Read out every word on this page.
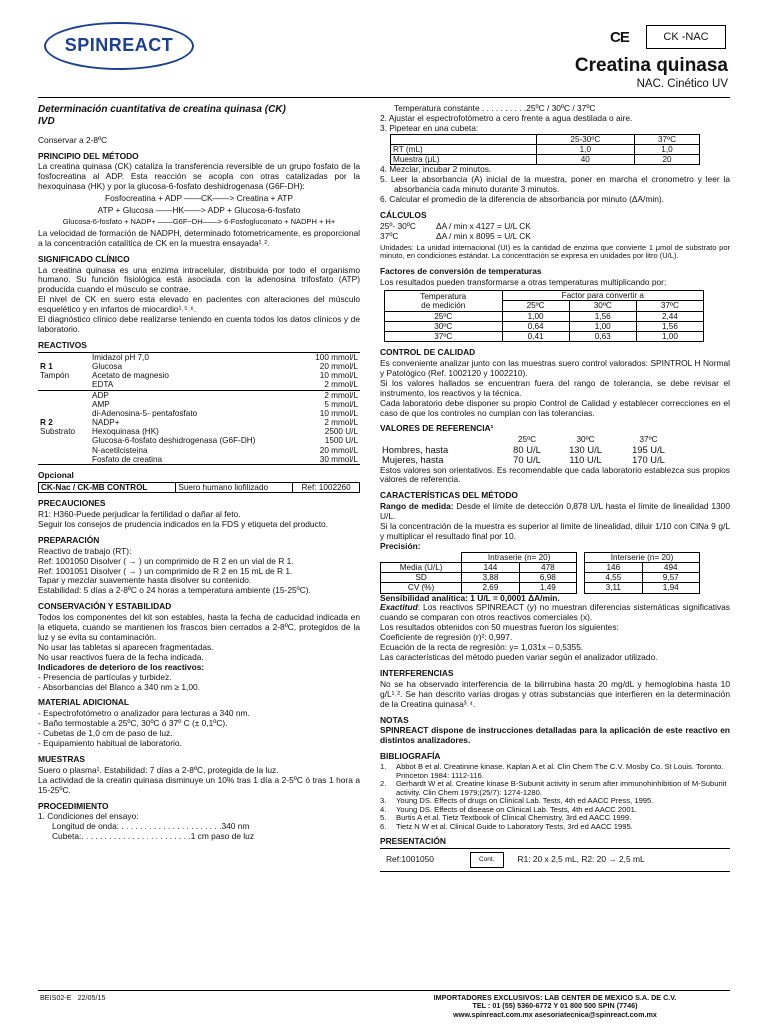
SPINREACT	CE	CK -NAC
Creatina quinasa
NAC. Cinético UV
Determinación cuantitativa de creatina quinasa (CK)
IVD
Conservar a 2-8ºC
PRINCIPIO DEL MÉTODO
La creatina quinasa (CK) cataliza la transferencia reversible de un grupo fosfato de la fosfocreatina al ADP. Esta reacción se acopla con otras catalizadas por la hexoquinasa (HK) y por la glucosa-6-fosfato deshidrogenasa (G6F-DH):
Fosfocreatina + ADP ——CK——> Creatina + ATP
ATP + Glucosa ——HK——> ADP + Glucosa-6-fosfato
Glucosa-6-fosfato + NADP+ ——G6F−DH——> 6-Fosfogluconato + NADPH + H+
La velocidad de formación de NADPH, determinado fotometricamente, es proporcional a la concentración catalítica de CK en la muestra ensayada¹˒².
SIGNIFICADO CLÍNICO
La creatina quinasa es una enzima intracelular, distribuida por todo el organismo humano. Su función fisiológica está asociada con la adenosina trifosfato (ATP) producida cuando el músculo se contrae.
El nivel de CK en suero esta elevado en pacientes con alteraciones del músculo esquelético y en infartos de miocardio¹˒⁵˒⁶.
El diagnóstico clínico debe realizarse teniendo en cuenta todos los datos clínicos y de laboratorio.
REACTIVOS
R 1
Tampón	Imidazol pH 7,0	100 mmol/L
	Glucosa	20 mmol/L
	Acetato de magnesio	10 mmol/L
	EDTA	2 mmol/L

R 2
Substrato	ADP	2 mmol/L
	AMP	5 mmol/L
	di-Adenosina-5- pentafosfato	10 mmol/L
	NADP+	2 mmol/L
	Hexoquinasa (HK)	2500 U/L
	Glucosa-6-fosfato deshidrogenasa (G6F-DH)	1500 U/L
	N-acetilcisteina	20 mmol/L
	Fosfato de creatina	30 mmol/L
Opcional
CK-Nac / CK-MB CONTROL	Suero humano liofilizado	Ref: 1002260
PRECAUCIONES
R1: H360-Puede perjudicar la fertilidad o dañar al feto.
Seguir los consejos de prudencia indicados en la FDS y etiqueta del producto.
PREPARACIÓN
Reactivo de trabajo (RT):
Ref: 1001050 Disolver ( → ) un comprimido de R 2 en un vial de R 1.
Ref: 1001051 Disolver ( → ) un comprimido de R 2 en 15 mL de R 1.
Tapar y mezclar suavemente hasta disolver su contenido.
Estabilidad: 5 días a 2-8ºC o 24 horas a temperatura ambiente (15-25ºC).
CONSERVACIÓN Y ESTABILIDAD
Todos los componentes del kit son estables, hasta la fecha de caducidad indicada en la etiqueta, cuando se mantienen los frascos bien cerrados a 2-8ºC, protegidos de la luz y se evita su contaminación.
No usar las tabletas si aparecen fragmentadas.
No usar reactivos fuera de la fecha indicada.
Indicadores de deterioro de los reactivos:
- Presencia de partículas y turbidez.
- Absorbancias del Blanco a 340 nm ≥ 1,00.
MATERIAL ADICIONAL
- Espectrofotómetro o analizador para lecturas a 340 nm.
- Baño termostable a 25ºC, 30ºC ó 37º C (± 0,1ºC).
- Cubetas de 1,0 cm de paso de luz.
- Equipamiento habitual de laboratorio.
MUESTRAS
Suero o plasma¹. Estabilidad: 7 días a 2-8ºC, protegida de la luz.
La actividad de la creatin quinasa disminuye un 10% tras 1 día a 2-5ºC ó tras 1 hora a 15-25ºC.
PROCEDIMIENTO
1. Condiciones del ensayo:
Longitud de onda: . . . . . . . . . . . . . . . . . . . . . .340 nm
Cubeta:. . . . . . . . . . . . . . . . . . . . . . . .1 cm paso de luz
Temperatura constante . . . . . . . . . .25ºC / 30ºC / 37ºC
2. Ajustar el espectrofotómetro a cero frente a agua destilada o aire.
3. Pipetear en una cubeta:
	25-30ºC	37ºC
RT (mL)	1,0	1,0
Muestra (μL)	40	20
4. Mezclar, incubar 2 minutos.
5. Leer la absorbancia (A) inicial de la muestra, poner en marcha el cronometro y leer la absorbancia cada minuto durante 3 minutos.
6. Calcular el promedio de la diferencia de absorbancia por minuto (ΔA/min).
CÁLCULOS
25º- 30ºC ΔA / min x 4127 = U/L CK
37ºC	ΔA / min x 8095 = U/L CK
Unidades: La unidad internacional (UI) es la cantidad de enzima que convierte 1 μmol de substrato por minuto, en condiciones estándar. La concentración se expresa en unidades por litro (U/L).
Factores de conversión de temperaturas
Los resultados pueden transformarse a otras temperaturas multiplicando por:
Temperatura
de medición	Factor para convertir a		
	25ºC	30ºC	37ºC
25ºC	1,00	1,56	2,44
30ºC	0,64	1,00	1,56
37ºC	0,41	0,63	1,00
CONTROL DE CALIDAD
Es conveniente analizar junto con las muestras suero control valorados: SPINTROL H Normal y Patológico (Ref. 1002120 y 1002210).
Si los valores hallados se encuentran fuera del rango de tolerancia, se debe revisar el instrumento, los reactivos y la técnica.
Cada laboratorio debe disponer su propio Control de Calidad y establecer correcciones en el caso de que los controles no cumplan con las tolerancias.
VALORES DE REFERENCIA¹
	25ºC	30ºC	37ºC
Hombres, hasta	80 U/L	130 U/L	195 U/L
Mujeres, hasta	70 U/L	110 U/L	170 U/L
Estos valores son orientativos. Es recomendable que cada laboratorio establezca sus propios valores de referencia.
CARACTERÍSTICAS DEL MÉTODO
Rango de medida: Desde el límite de detección 0,878 U/L hasta el límite de linealidad 1300 U/L.
Si la concentración de la muestra es superior al límite de linealidad, diluir 1/10 con ClNa 9 g/L y multiplicar el resultado final por 10.
Precisión:
	Intraserie (n= 20)			Interserie (n= 20)	
Media (U/L)	144	478		146	494
SD	3,88	6,98		4,55	9,57
CV (%)	2,69	1,49		3,11	1,94
Sensibilidad analítica: 1 U/L = 0,0001 ΔA/min.
Exactitud: Los reactivos SPINREACT (y) no muestran diferencias sistemáticas significativas cuando se comparan con otros reactivos comerciales (x).
Los resultados obtenidos con 50 muestras fueron los siguientes:
Coeficiente de regresión (r)²: 0,997.
Ecuación de la recta de regresión: y= 1,031x – 0,5355.
Las características del método pueden variar según el analizador utilizado.
INTERFERENCIAS
No se ha observado interferencia de la bilirrubina hasta 20 mg/dL y hemoglobina hasta 10 g/L¹˒². Se han descrito varias drogas y otras substancias que interfieren en la determinación de la Creatina quinasa³˒⁴.
NOTAS
SPINREACT dispone de instrucciones detalladas para la aplicación de este reactivo en distintos analizadores.
BIBLIOGRAFÍA
1.	Abbot B et al. Creatinine kinase. Kaplan A et al. Clin Chem The C.V. Mosby Co. St Louis. Toronto. Princeton 1984: 1112-116.
2.	Gerhardt W et al. Creatine kinase B-Subunit activity in serum after immunohinhibition of M-Subunit activity. Clin Chem 1979;(25/7): 1274-1280.
3.	Young DS. Effects of drugs on Clinical Lab. Tests, 4th ed AACC Press, 1995.
4.	Young DS. Effects of disease on Clinical Lab. Tests, 4th ed AACC 2001.
5.	Burtis A et al. Tietz Textbook of Clinical Chemistry, 3rd ed AACC 1999.
6.	Tietz N W et al. Clinical Guide to Laboratory Tests, 3rd ed AACC 1995.
PRESENTACIÓN
Ref:1001050	Cont.	R1: 20 x 2,5 mL, R2: 20 → 2,5 mL
BEIS02-E 22/05/15	IMPORTADORES EXCLUSIVOS: LAB CENTER DE MEXICO S.A. DE C.V.
TEL : 01 (55) 5360-6772 Y 01 800 500 SPIN (7746)
www.spinreact.com.mx asesoriatecnica@spinreact.com.mx
